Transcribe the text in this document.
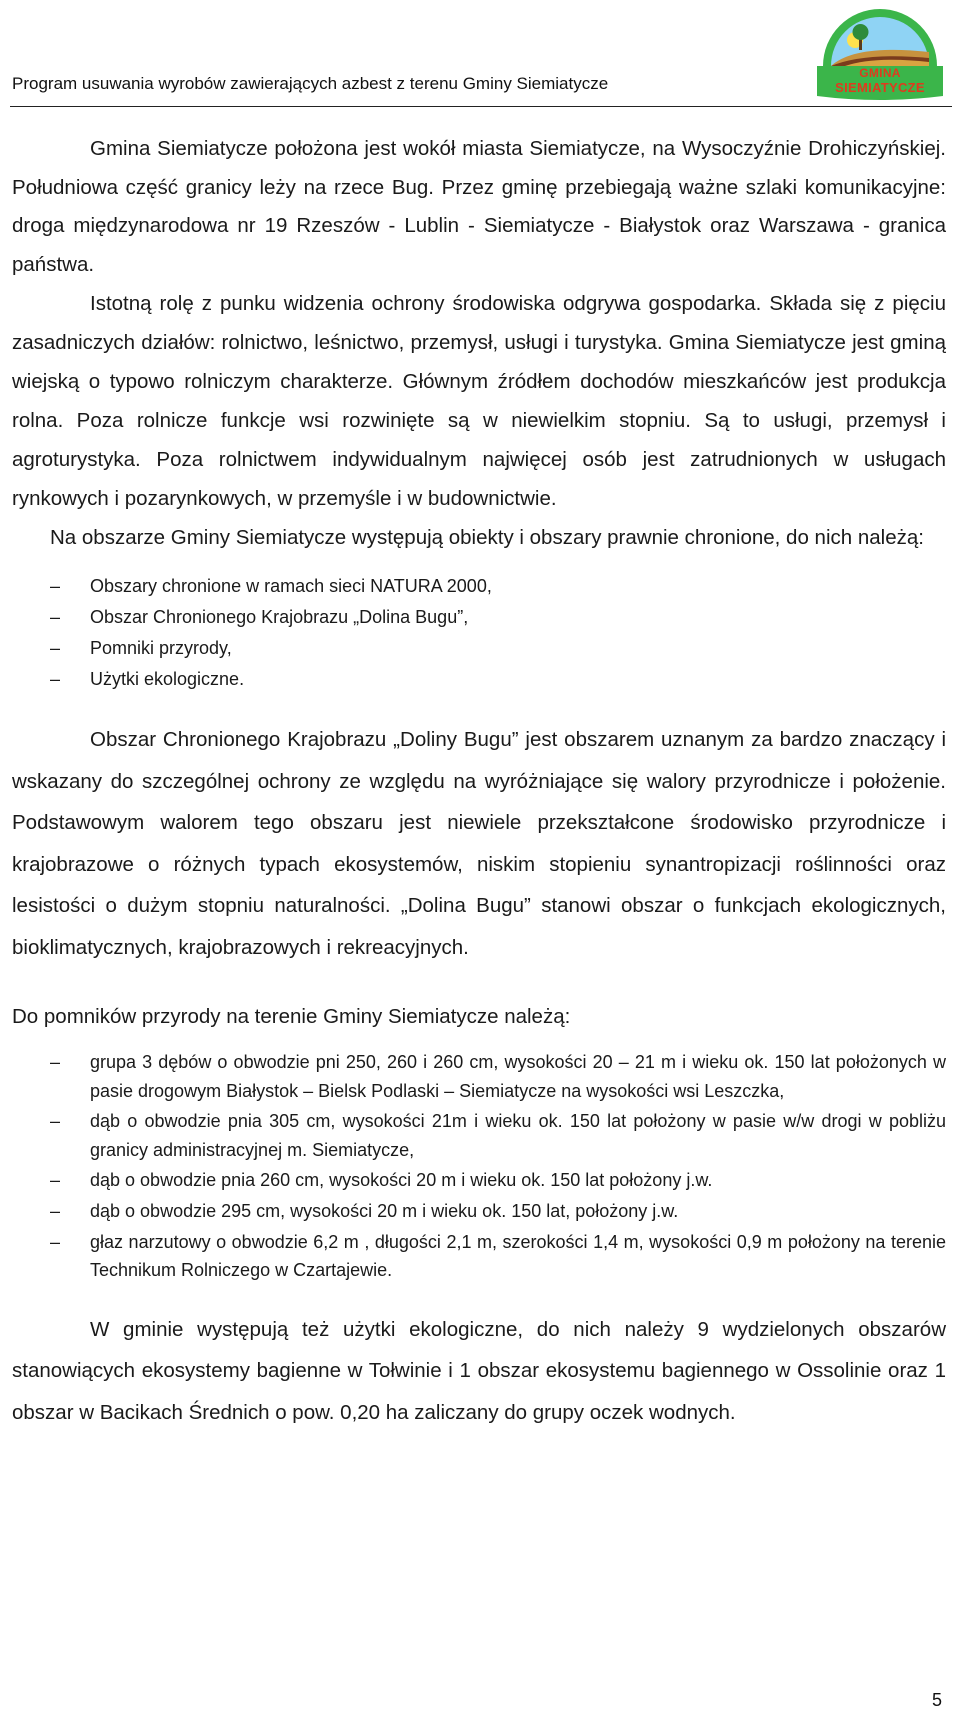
Program usuwania wyrobów zawierających azbest z terenu Gminy Siemiatycze
GMINA
SIEMIATYCZE

Gmina Siemiatycze położona jest wokół miasta Siemiatycze, na Wysoczyźnie Drohiczyńskiej. Południowa część granicy leży na rzece Bug. Przez gminę przebiegają ważne szlaki komunikacyjne: droga międzynarodowa nr 19 Rzeszów - Lublin - Siemiatycze - Białystok oraz Warszawa - granica państwa.

Istotną rolę z punku widzenia ochrony środowiska odgrywa gospodarka. Składa się z pięciu zasadniczych działów: rolnictwo, leśnictwo, przemysł, usługi i turystyka. Gmina Siemiatycze jest gminą wiejską o typowo rolniczym charakterze. Głównym źródłem dochodów mieszkańców jest produkcja rolna. Poza rolnicze funkcje wsi rozwinięte są w niewielkim stopniu. Są to usługi, przemysł i agroturystyka. Poza rolnictwem indywidualnym najwięcej osób jest zatrudnionych w usługach rynkowych i pozarynkowych, w przemyśle i w budownictwie.

Na obszarze Gminy Siemiatycze występują obiekty i obszary prawnie chronione, do nich należą:

– Obszary chronione w ramach sieci NATURA 2000,
– Obszar Chronionego Krajobrazu „Dolina Bugu”,
– Pomniki przyrody,
– Użytki ekologiczne.

Obszar Chronionego Krajobrazu „Doliny Bugu” jest obszarem uznanym za bardzo znaczący i wskazany do szczególnej ochrony ze względu na wyróżniające się walory przyrodnicze i położenie. Podstawowym walorem tego obszaru jest niewiele przekształcone środowisko przyrodnicze i krajobrazowe o różnych typach ekosystemów, niskim stopieniu synantropizacji roślinności oraz lesistości o dużym stopniu naturalności. „Dolina Bugu” stanowi obszar o funkcjach ekologicznych, bioklimatycznych, krajobrazowych i rekreacyjnych.

Do pomników przyrody na terenie Gminy Siemiatycze należą:

– grupa 3 dębów o obwodzie pni 250, 260 i 260 cm, wysokości 20 – 21 m i wieku ok. 150 lat położonych w pasie drogowym Białystok – Bielsk Podlaski – Siemiatycze na wysokości wsi Leszczka,
– dąb o obwodzie pnia 305 cm, wysokości 21m i wieku ok. 150 lat położony w pasie w/w drogi w pobliżu granicy administracyjnej m. Siemiatycze,
– dąb o obwodzie pnia 260 cm, wysokości 20 m i wieku ok. 150 lat położony j.w.
– dąb o obwodzie 295 cm, wysokości 20 m i wieku ok. 150 lat, położony j.w.
– głaz narzutowy o obwodzie 6,2 m , długości 2,1 m, szerokości 1,4 m, wysokości 0,9 m położony na terenie Technikum Rolniczego w Czartajewie.

W gminie występują też użytki ekologiczne, do nich należy 9 wydzielonych obszarów stanowiących ekosystemy bagienne w Tołwinie i 1 obszar ekosystemu bagiennego w Ossolinie oraz 1 obszar w Bacikach Średnich o pow. 0,20 ha zaliczany do grupy oczek wodnych.

5
